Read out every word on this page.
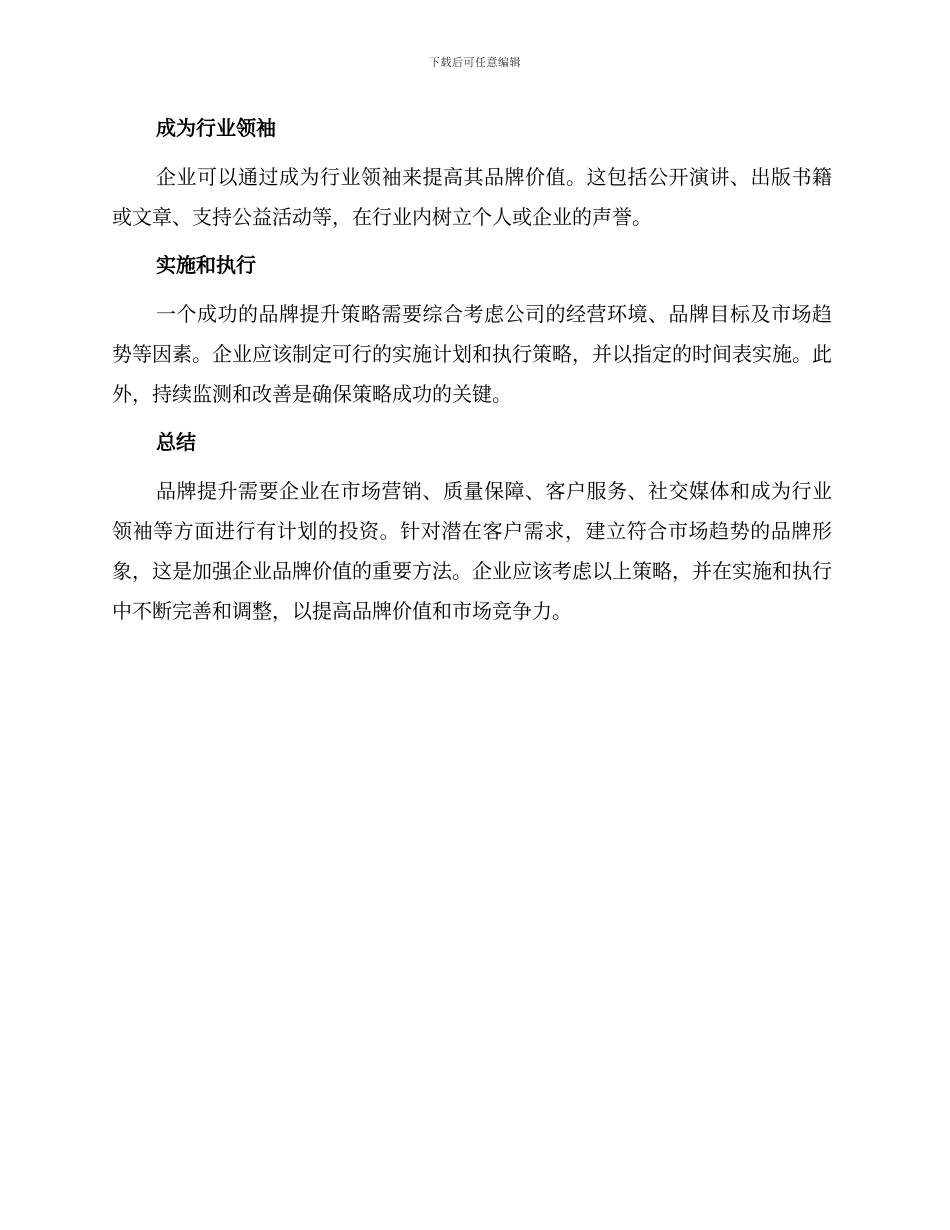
下载后可任意编辑
成为行业领袖
企业可以通过成为行业领袖来提高其品牌价值。这包括公开演讲、出版书籍或文章、支持公益活动等，在行业内树立个人或企业的声誉。
实施和执行
一个成功的品牌提升策略需要综合考虑公司的经营环境、品牌目标及市场趋势等因素。企业应该制定可行的实施计划和执行策略，并以指定的时间表实施。此外，持续监测和改善是确保策略成功的关键。
总结
品牌提升需要企业在市场营销、质量保障、客户服务、社交媒体和成为行业领袖等方面进行有计划的投资。针对潜在客户需求，建立符合市场趋势的品牌形象，这是加强企业品牌价值的重要方法。企业应该考虑以上策略，并在实施和执行中不断完善和调整，以提高品牌价值和市场竞争力。
